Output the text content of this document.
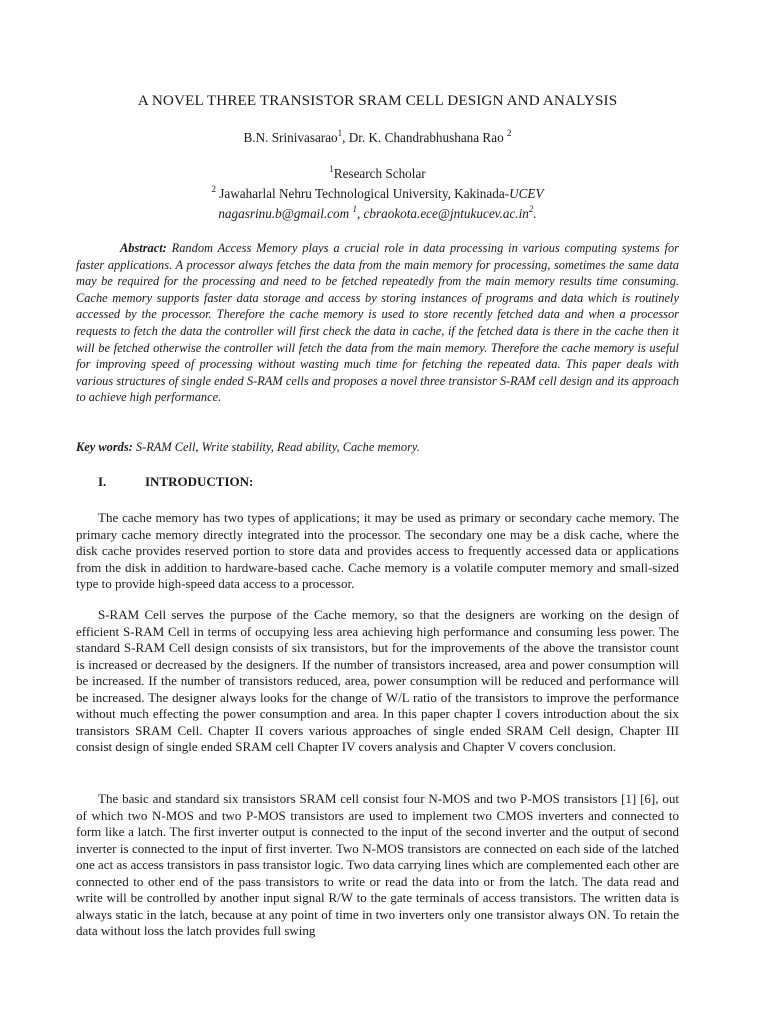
A NOVEL THREE TRANSISTOR SRAM CELL DESIGN AND ANALYSIS
B.N. Srinivasarao$^1$, Dr. K. Chandrabhushana Rao $^2$
$^1$Research Scholar
$^2$ Jawaharlal Nehru Technological University, Kakinada-UCEV
nagasrinu.b@gmail.com $^1$, $cbraokota.ece@jntukucev.ac.in^2$.

Abstract: Random Access Memory plays a crucial role in data processing in various computing systems for faster applications. A processor always fetches the data from the main memory for processing, sometimes the same data may be required for the processing and need to be fetched repeatedly from the main memory results time consuming. Cache memory supports faster data storage and access by storing instances of programs and data which is routinely accessed by the processor. Therefore the cache memory is used to store recently fetched data and when a processor requests to fetch the data the controller will first check the data in cache, if the fetched data is there in the cache then it will be fetched otherwise the controller will fetch the data from the main memory. Therefore the cache memory is useful for improving speed of processing without wasting much time for fetching the repeated data. This paper deals with various structures of single ended S-RAM cells and proposes a novel three transistor S-RAM cell design and its approach to achieve high performance.

Key words: S-RAM Cell, Write stability, Read ability, Cache memory.

I.	INTRODUCTION:

The cache memory has two types of applications; it may be used as primary or secondary cache memory. The primary cache memory directly integrated into the processor. The secondary one may be a disk cache, where the disk cache provides reserved portion to store data and provides access to frequently accessed data or applications from the disk in addition to hardware-based cache. Cache memory is a volatile computer memory and small-sized type to provide high-speed data access to a processor.

S-RAM Cell serves the purpose of the Cache memory, so that the designers are working on the design of efficient S-RAM Cell in terms of occupying less area achieving high performance and consuming less power. The standard S-RAM Cell design consists of six transistors, but for the improvements of the above the transistor count is increased or decreased by the designers. If the number of transistors increased, area and power consumption will be increased. If the number of transistors reduced, area, power consumption will be reduced and performance will be increased. The designer always looks for the change of W/L ratio of the transistors to improve the performance without much effecting the power consumption and area. In this paper chapter I covers introduction about the six transistors SRAM Cell. Chapter II covers various approaches of single ended SRAM Cell design, Chapter III consist design of single ended SRAM cell Chapter IV covers analysis and Chapter V covers conclusion.

The basic and standard six transistors SRAM cell consist four N-MOS and two P-MOS transistors [1] [6], out of which two N-MOS and two P-MOS transistors are used to implement two CMOS inverters and connected to form like a latch. The first inverter output is connected to the input of the second inverter and the output of second inverter is connected to the input of first inverter. Two N-MOS transistors are connected on each side of the latched one act as access transistors in pass transistor logic. Two data carrying lines which are complemented each other are connected to other end of the pass transistors to write or read the data into or from the latch. The data read and write will be controlled by another input signal R/W to the gate terminals of access transistors. The written data is always static in the latch, because at any point of time in two inverters only one transistor always ON. To retain the data without loss the latch provides full swing
